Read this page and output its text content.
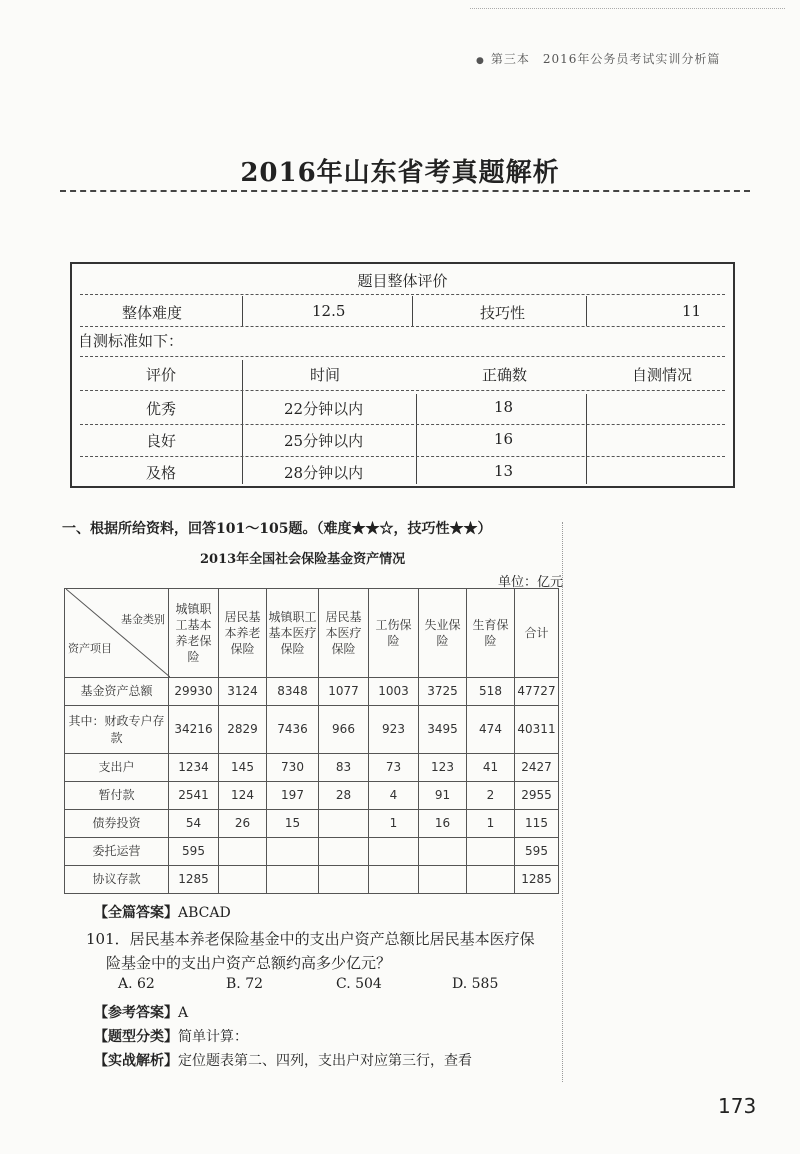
● 第三本　2016年公务员考试实训分析篇
2016年山东省考真题解析
题目整体评价
整体难度	12.5	技巧性	11
自测标准如下：
评价	时间	正确数	自测情况
优秀	22分钟以内	18
良好	25分钟以内	16
及格	28分钟以内	13
一、根据所给资料，回答101～105题。（难度★★☆，技巧性★★）
2013年全国社会保险基金资产情况
单位：亿元
基金类别
资产项目	城镇职工基本养老保险	居民基本养老保险	城镇职工基本医疗保险	居民基本医疗保险	工伤保险	失业保险	生育保险	合计
基金资产总额	29930	3124	8348	1077	1003	3725	518	47727
其中：财政专户存款	34216	2829	7436	966	923	3495	474	40311
支出户	1234	145	730	83	73	123	41	2427
暂付款	2541	124	197	28	4	91	2	2955
债券投资	54	26	15		1	16	1	115
委托运营	595							595
协议存款	1285							1285
【全篇答案】ABCAD
101．居民基本养老保险基金中的支出户资产总额比居民基本医疗保
险基金中的支出户资产总额约高多少亿元？
A. 62	B. 72	C. 504	D. 585
【参考答案】A
【题型分类】简单计算：
【实战解析】定位题表第二、四列，支出户对应第三行，查看
173
